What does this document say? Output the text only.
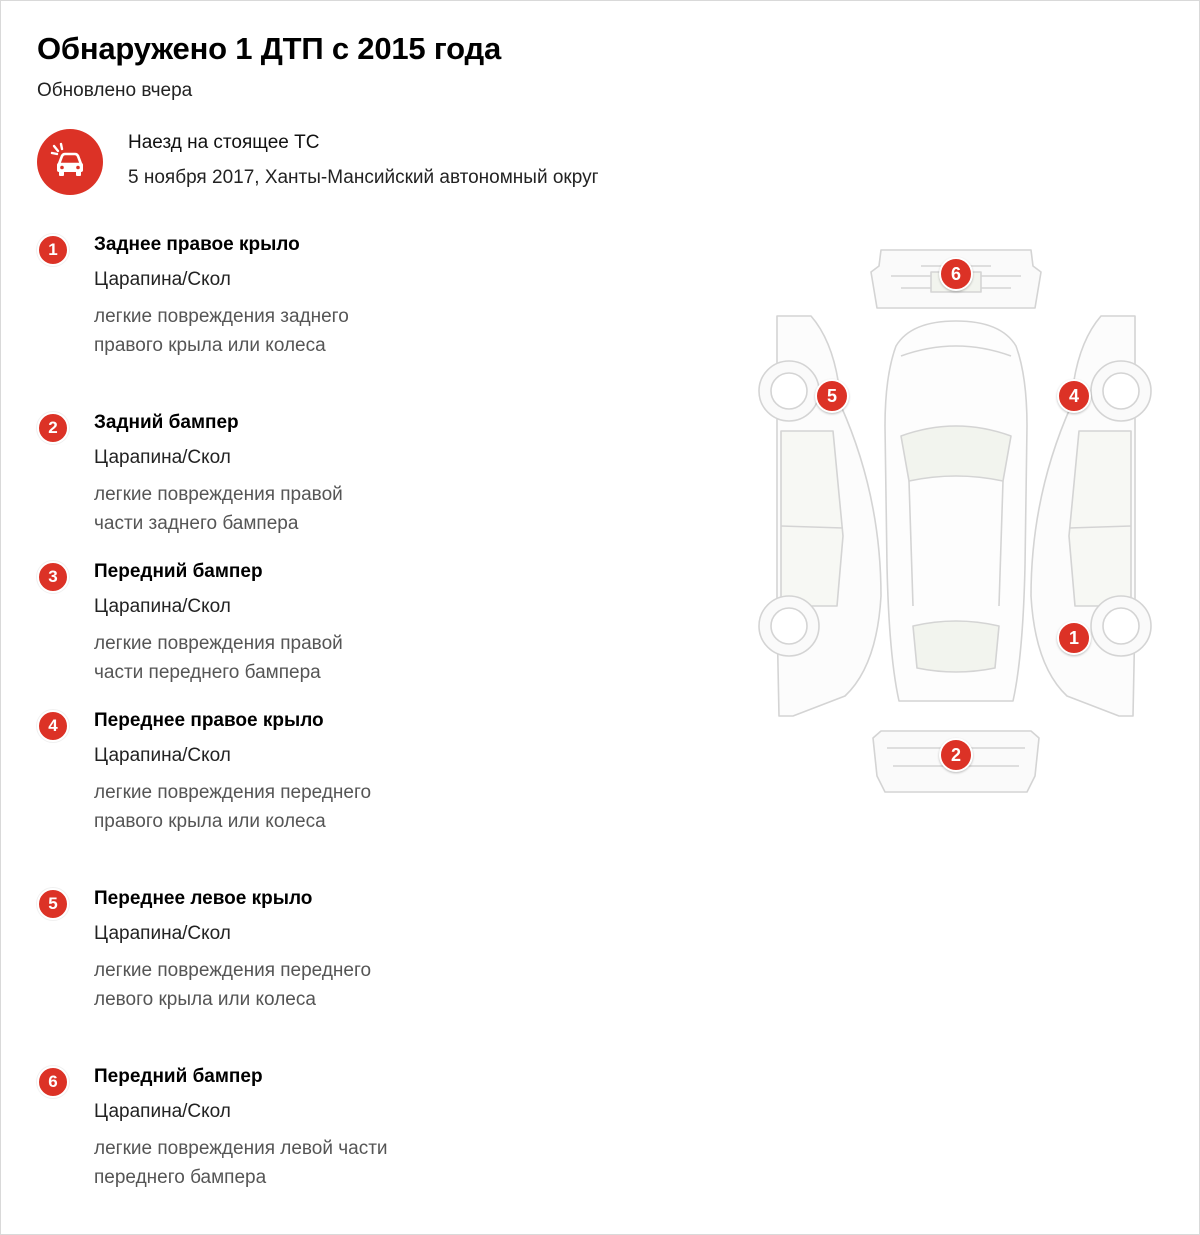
Обнаружено 1 ДТП с 2015 года
Обновлено вчера
Наезд на стоящее ТС
5 ноября 2017, Ханты-Мансийский автономный округ
1	Заднее правое крыло
Царапина/Скол
легкие повреждения заднего правого крыла или колеса
2	Задний бампер
Царапина/Скол
легкие повреждения правой части заднего бампера
3	Передний бампер
Царапина/Скол
легкие повреждения правой части переднего бампера
4	Переднее правое крыло
Царапина/Скол
легкие повреждения переднего правого крыла или колеса
5	Переднее левое крыло
Царапина/Скол
легкие повреждения переднего левого крыла или колеса
6	Передний бампер
Царапина/Скол
легкие повреждения левой части переднего бампера
6
5	4
1
2
